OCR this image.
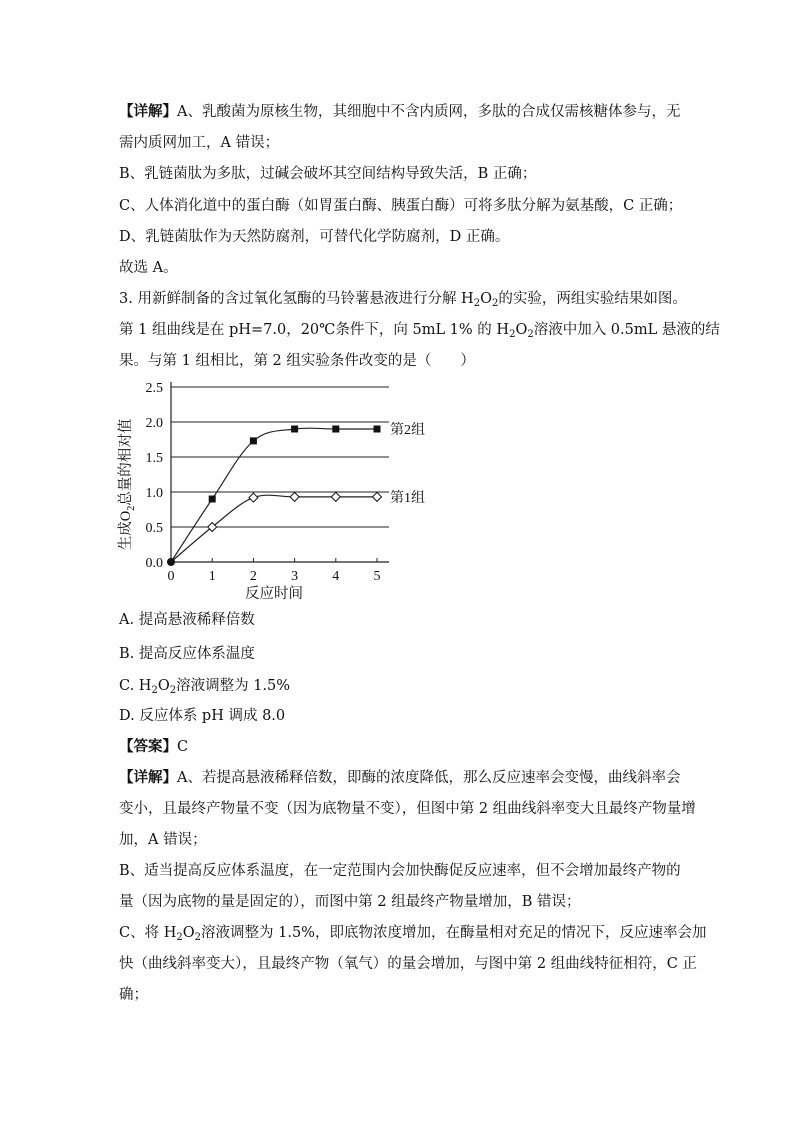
【详解】A、乳酸菌为原核生物，其细胞中不含内质网，多肽的合成仅需核糖体参与，无
需内质网加工，A 错误；
B、乳链菌肽为多肽，过碱会破坏其空间结构导致失活，B 正确；
C、人体消化道中的蛋白酶（如胃蛋白酶、胰蛋白酶）可将多肽分解为氨基酸，C 正确；
D、乳链菌肽作为天然防腐剂，可替代化学防腐剂，D 正确。
故选 A。
3. 用新鲜制备的含过氧化氢酶的马铃薯悬液进行分解 $H_2O_2$的实验，两组实验结果如图。
第 1 组曲线是在 pH=7.0，20℃条件下，向 5mL 1% 的 $H_2O_2$溶液中加入 0.5mL 悬液的结
果。与第 1 组相比，第 2 组实验条件改变的是（　　）
0.0
0.5
1.0
1.5
2.0
2.5
0 1 2 3 4 5
第2组
第1组
反应时间
生成$O_2$总量的相对值
A. 提高悬液稀释倍数
B. 提高反应体系温度
C. $H_2O_2$溶液调整为 1.5%
D. 反应体系 pH 调成 8.0
【答案】C
【详解】A、若提高悬液稀释倍数，即酶的浓度降低，那么反应速率会变慢，曲线斜率会
变小，且最终产物量不变（因为底物量不变），但图中第 2 组曲线斜率变大且最终产物量增
加，A 错误；
B、适当提高反应体系温度，在一定范围内会加快酶促反应速率，但不会增加最终产物的
量（因为底物的量是固定的），而图中第 2 组最终产物量增加，B 错误；
C、将 $H_2O_2$溶液调整为 1.5%，即底物浓度增加，在酶量相对充足的情况下，反应速率会加
快（曲线斜率变大），且最终产物（氧气）的量会增加，与图中第 2 组曲线特征相符，C 正
确；
